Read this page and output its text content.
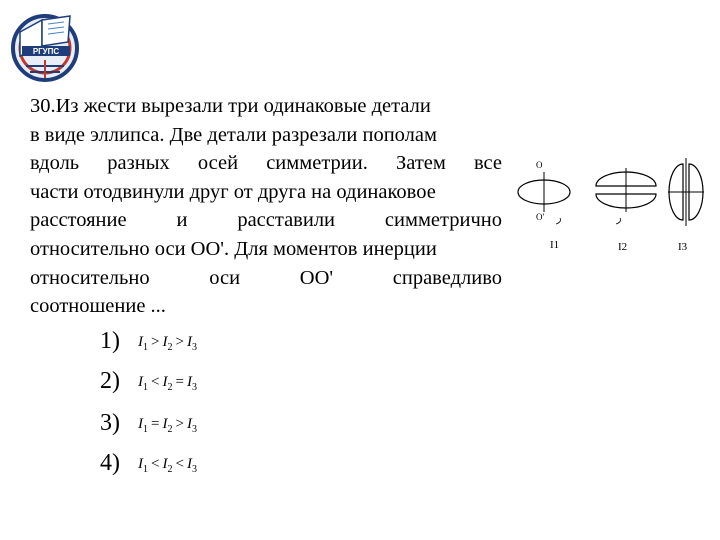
РГУПС
30.Из жести вырезали три одинаковые детали
в виде эллипса. Две детали разрезали пополам
вдоль разных осей симметрии. Затем все
части отодвинули друг от друга на одинаковое
расстояние и расставили симметрично
относительно оси ОО'. Для моментов инерции
относительно оси ОО' справедливо
соотношение ...
O
O'
I1	I2	I3
1) $I_1 > I_2 > I_3$
2) $I_1 < I_2 = I_3$
3) $I_1 = I_2 > I_3$
4) $I_1 < I_2 < I_3$
